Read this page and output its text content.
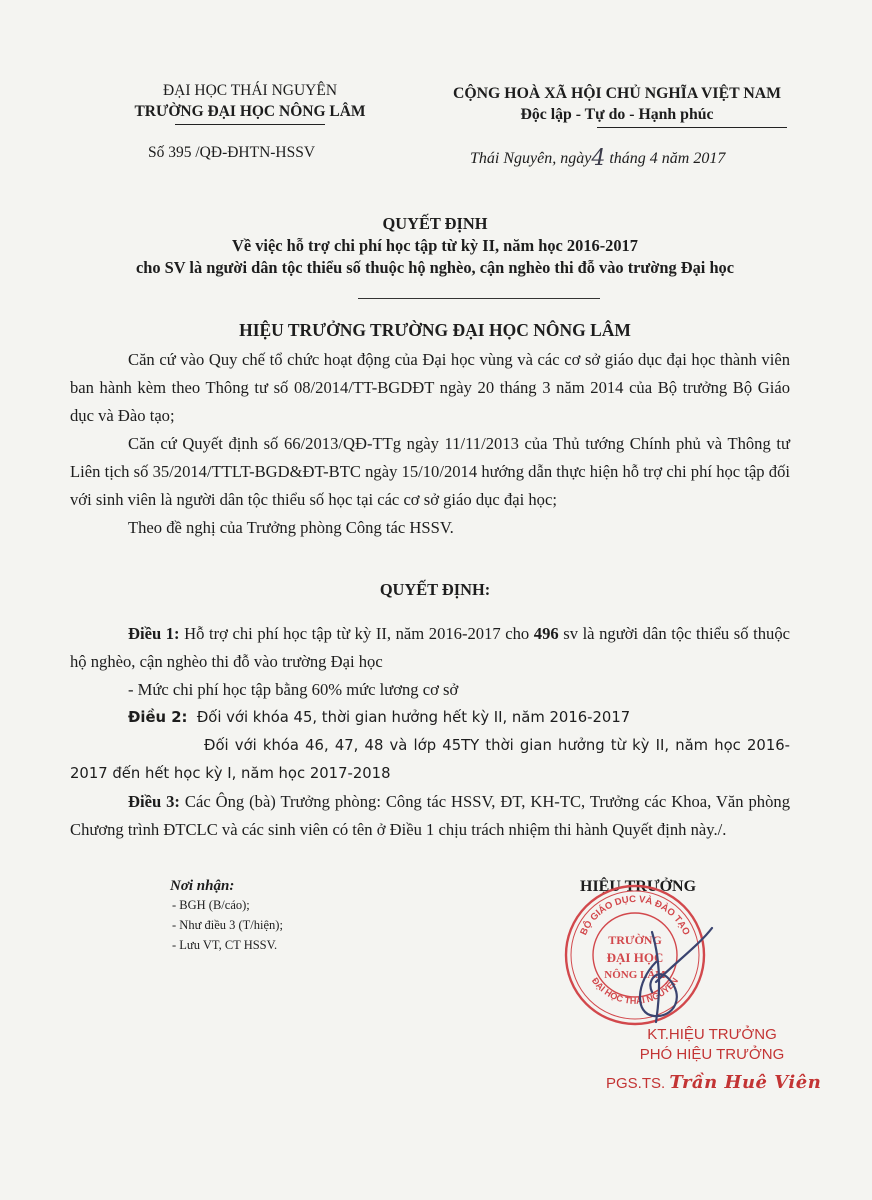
ĐẠI HỌC THÁI NGUYÊN
TRƯỜNG ĐẠI HỌC NÔNG LÂM
CỘNG HOÀ XÃ HỘI CHỦ NGHĨA VIỆT NAM
Độc lập - Tự do - Hạnh phúc
Số 395 /QĐ-ĐHTN-HSSV	Thái Nguyên, ngày4 tháng 4 năm 2017
QUYẾT ĐỊNH
Về việc hỗ trợ chi phí học tập từ kỳ II, năm học 2016-2017
cho SV là người dân tộc thiểu số thuộc hộ nghèo, cận nghèo thi đỗ vào trường Đại học
HIỆU TRƯỞNG TRƯỜNG ĐẠI HỌC NÔNG LÂM
Căn cứ vào Quy chế tổ chức hoạt động của Đại học vùng và các cơ sở giáo dục đại học thành viên ban hành kèm theo Thông tư số 08/2014/TT-BGDĐT ngày 20 tháng 3 năm 2014 của Bộ trưởng Bộ Giáo dục và Đào tạo;
Căn cứ Quyết định số 66/2013/QĐ-TTg ngày 11/11/2013 của Thủ tướng Chính phủ và Thông tư Liên tịch số 35/2014/TTLT-BGD&ĐT-BTC ngày 15/10/2014 hướng dẫn thực hiện hỗ trợ chi phí học tập đối với sinh viên là người dân tộc thiểu số học tại các cơ sở giáo dục đại học;
Theo đề nghị của Trưởng phòng Công tác HSSV.
QUYẾT ĐỊNH:
Điều 1: Hỗ trợ chi phí học tập từ kỳ II, năm 2016-2017 cho 496 sv là người dân tộc thiểu số thuộc hộ nghèo, cận nghèo thi đỗ vào trường Đại học
- Mức chi phí học tập bằng 60% mức lương cơ sở
Điều 2: Đối với khóa 45, thời gian hưởng hết kỳ II, năm 2016-2017
Đối với khóa 46, 47, 48 và lớp 45TY thời gian hưởng từ kỳ II, năm học 2016-2017 đến hết học kỳ I, năm học 2017-2018
Điều 3: Các Ông (bà) Trưởng phòng: Công tác HSSV, ĐT, KH-TC, Trưởng các Khoa, Văn phòng Chương trình ĐTCLC và các sinh viên có tên ở Điều 1 chịu trách nhiệm thi hành Quyết định này./.
Nơi nhận:
- BGH (B/cáo);
- Như điều 3 (T/hiện);
- Lưu VT, CT HSSV.
HIỆU TRƯỞNG
BỘ GIÁO DỤC VÀ ĐÀO TẠO
ĐẠI HỌC THÁI NGUYÊN
TRƯỜNG
ĐẠI HỌC
NÔNG LÂM
KT.HIỆU TRƯỞNG
PHÓ HIỆU TRƯỞNG
PGS.TS. Trần Huê Viên
